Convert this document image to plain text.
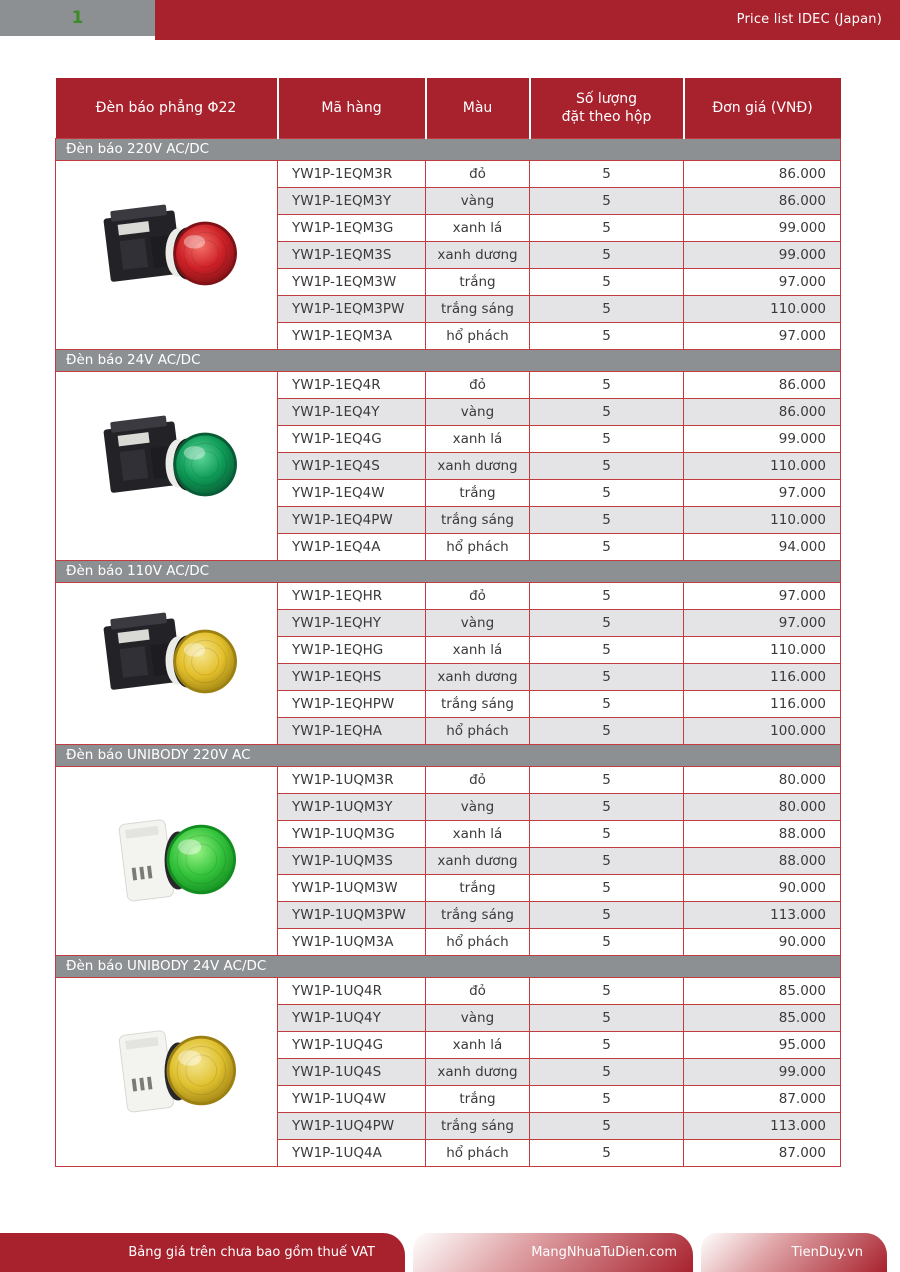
Price list IDEC (Japan)
1
Đèn báo phẳng Φ22	Mã hàng	Màu	Số lượng
đặt theo hộp	Đơn giá (VNĐ)
Đèn báo 220V AC/DC				
	YW1P-1EQM3R	đỏ	5	86.000
	YW1P-1EQM3Y	vàng	5	86.000
	YW1P-1EQM3G	xanh lá	5	99.000
	YW1P-1EQM3S	xanh dương	5	99.000
	YW1P-1EQM3W	trắng	5	97.000
	YW1P-1EQM3PW	trắng sáng	5	110.000
	YW1P-1EQM3A	hổ phách	5	97.000
Đèn báo 24V AC/DC				
	YW1P-1EQ4R	đỏ	5	86.000
	YW1P-1EQ4Y	vàng	5	86.000
	YW1P-1EQ4G	xanh lá	5	99.000
	YW1P-1EQ4S	xanh dương	5	110.000
	YW1P-1EQ4W	trắng	5	97.000
	YW1P-1EQ4PW	trắng sáng	5	110.000
	YW1P-1EQ4A	hổ phách	5	94.000
Đèn báo 110V AC/DC				
	YW1P-1EQHR	đỏ	5	97.000
	YW1P-1EQHY	vàng	5	97.000
	YW1P-1EQHG	xanh lá	5	110.000
	YW1P-1EQHS	xanh dương	5	116.000
	YW1P-1EQHPW	trắng sáng	5	116.000
	YW1P-1EQHA	hổ phách	5	100.000
Đèn báo UNIBODY 220V AC				
	YW1P-1UQM3R	đỏ	5	80.000
	YW1P-1UQM3Y	vàng	5	80.000
	YW1P-1UQM3G	xanh lá	5	88.000
	YW1P-1UQM3S	xanh dương	5	88.000
	YW1P-1UQM3W	trắng	5	90.000
	YW1P-1UQM3PW	trắng sáng	5	113.000
	YW1P-1UQM3A	hổ phách	5	90.000
Đèn báo UNIBODY 24V AC/DC				
	YW1P-1UQ4R	đỏ	5	85.000
	YW1P-1UQ4Y	vàng	5	85.000
	YW1P-1UQ4G	xanh lá	5	95.000
	YW1P-1UQ4S	xanh dương	5	99.000
	YW1P-1UQ4W	trắng	5	87.000
	YW1P-1UQ4PW	trắng sáng	5	113.000
	YW1P-1UQ4A	hổ phách	5	87.000
Bảng giá trên chưa bao gồm thuế VAT	MangNhuaTuDien.com	TienDuy.vn
